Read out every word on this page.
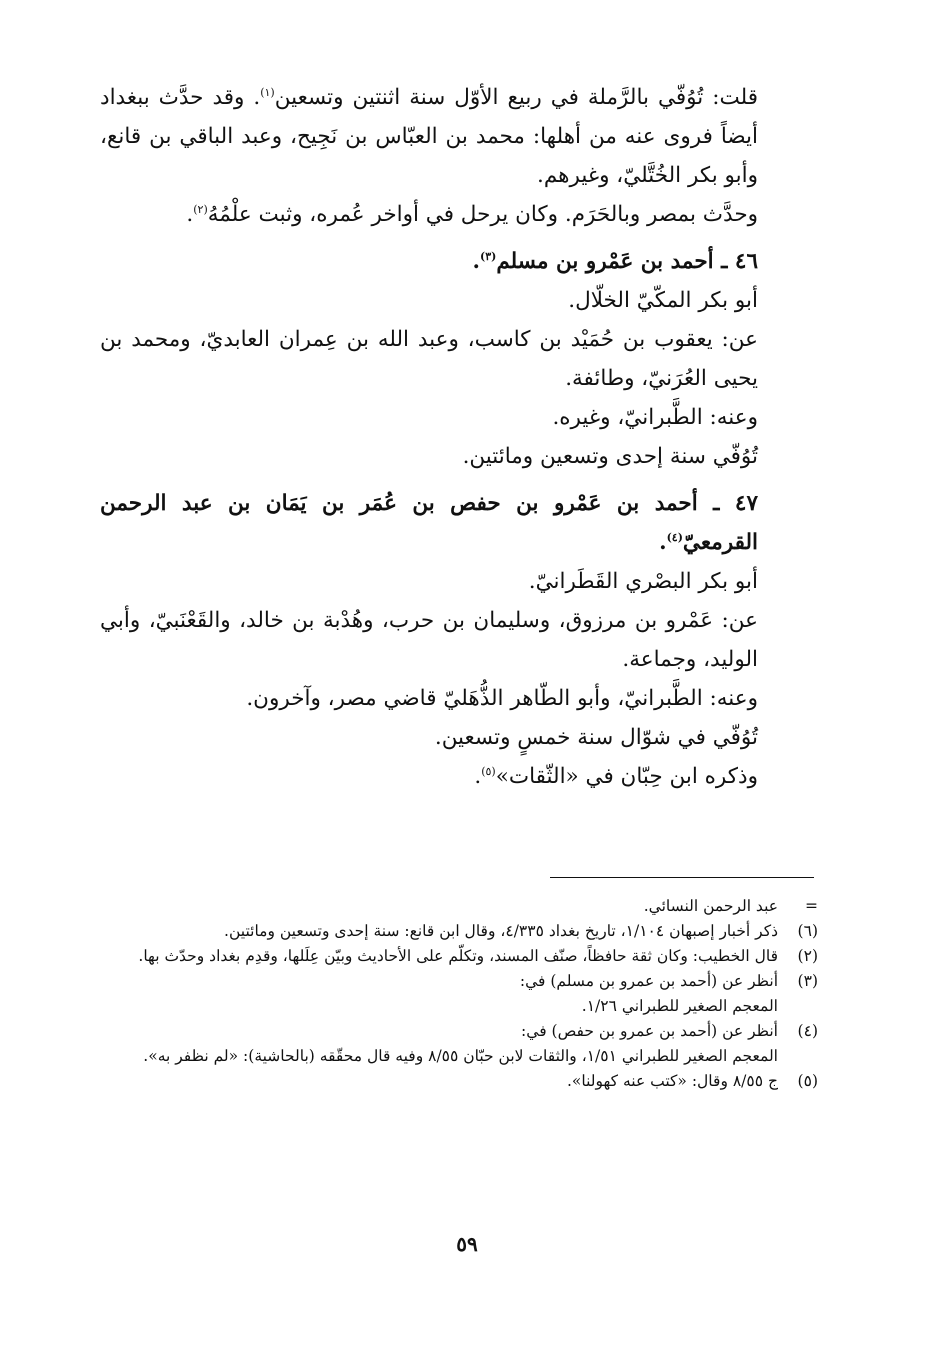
قلت: تُوُفّي بالرَّملة في ربيع الأوّل سنة اثنتين وتسعين$^{(١)}$. وقد حدَّث ببغداد أيضاً فروى عنه من أهلها: محمد بن العبّاس بن نَجِيح، وعبد الباقي بن قانع، وأبو بكر الخُتَّليّ، وغيرهم.

وحدَّث بمصر وبالحَرَم. وكان يرحل في أواخر عُمره، وثبت علْمُهُ$^{(٢)}$.

٤٦ ـ أحمد بن عَمْرو بن مسلم$^{(٣)}$.

أبو بكر المكّيّ الخلّال.

عن: يعقوب بن حُمَيْد بن كاسب، وعبد الله بن عِمران العابديّ، ومحمد بن يحيى العُرَنيّ، وطائفة.

وعنه: الطَّبرانيّ، وغيره.

تُوُفّي سنة إحدى وتسعين ومائتين.

٤٧ ـ أحمد بن عَمْرو بن حفص بن عُمَر بن يَمَان بن عبد الرحمن القرمعيّ$^{(٤)}$.

أبو بكر البصْري القَطَرانيّ.

عن: عَمْرو بن مرزوق، وسليمان بن حرب، وهُدْبة بن خالد، والقَعْنَبيّ، وأبي الوليد، وجماعة.

وعنه: الطَّبرانيّ، وأبو الطّاهر الذُّهَليّ قاضي مصر، وآخرون.

تُوُفّي في شوّال سنة خمسٍ وتسعين.

وذكره ابن حِبّان في «الثّقات»$^{(٥)}$.

=
عبد الرحمن النسائي.
(٦)
ذكر أخبار إصبهان ١/١٠٤، تاريخ بغداد ٤/٣٣٥، وقال ابن قانع: سنة إحدى وتسعين ومائتين.
(٢)
قال الخطيب: وكان ثقة حافظاً، صنّف المسند، وتكلّم على الأحاديث وبيّن عِلَلها، وقدِم بغداد وحدّث بها.
(٣)
أنظر عن (أحمد بن عمرو بن مسلم) في:
المعجم الصغير للطبراني ١/٢٦.
(٤)
أنظر عن (أحمد بن عمرو بن حفص) في:
المعجم الصغير للطبراني ١/٥١، والثقات لابن حبّان ٨/٥٥ وفيه قال محقّقه (بالحاشية): «لم نظفر به».
(٥)
ج ٨/٥٥ وقال: «كتب عنه كهولنا».
٥٩
